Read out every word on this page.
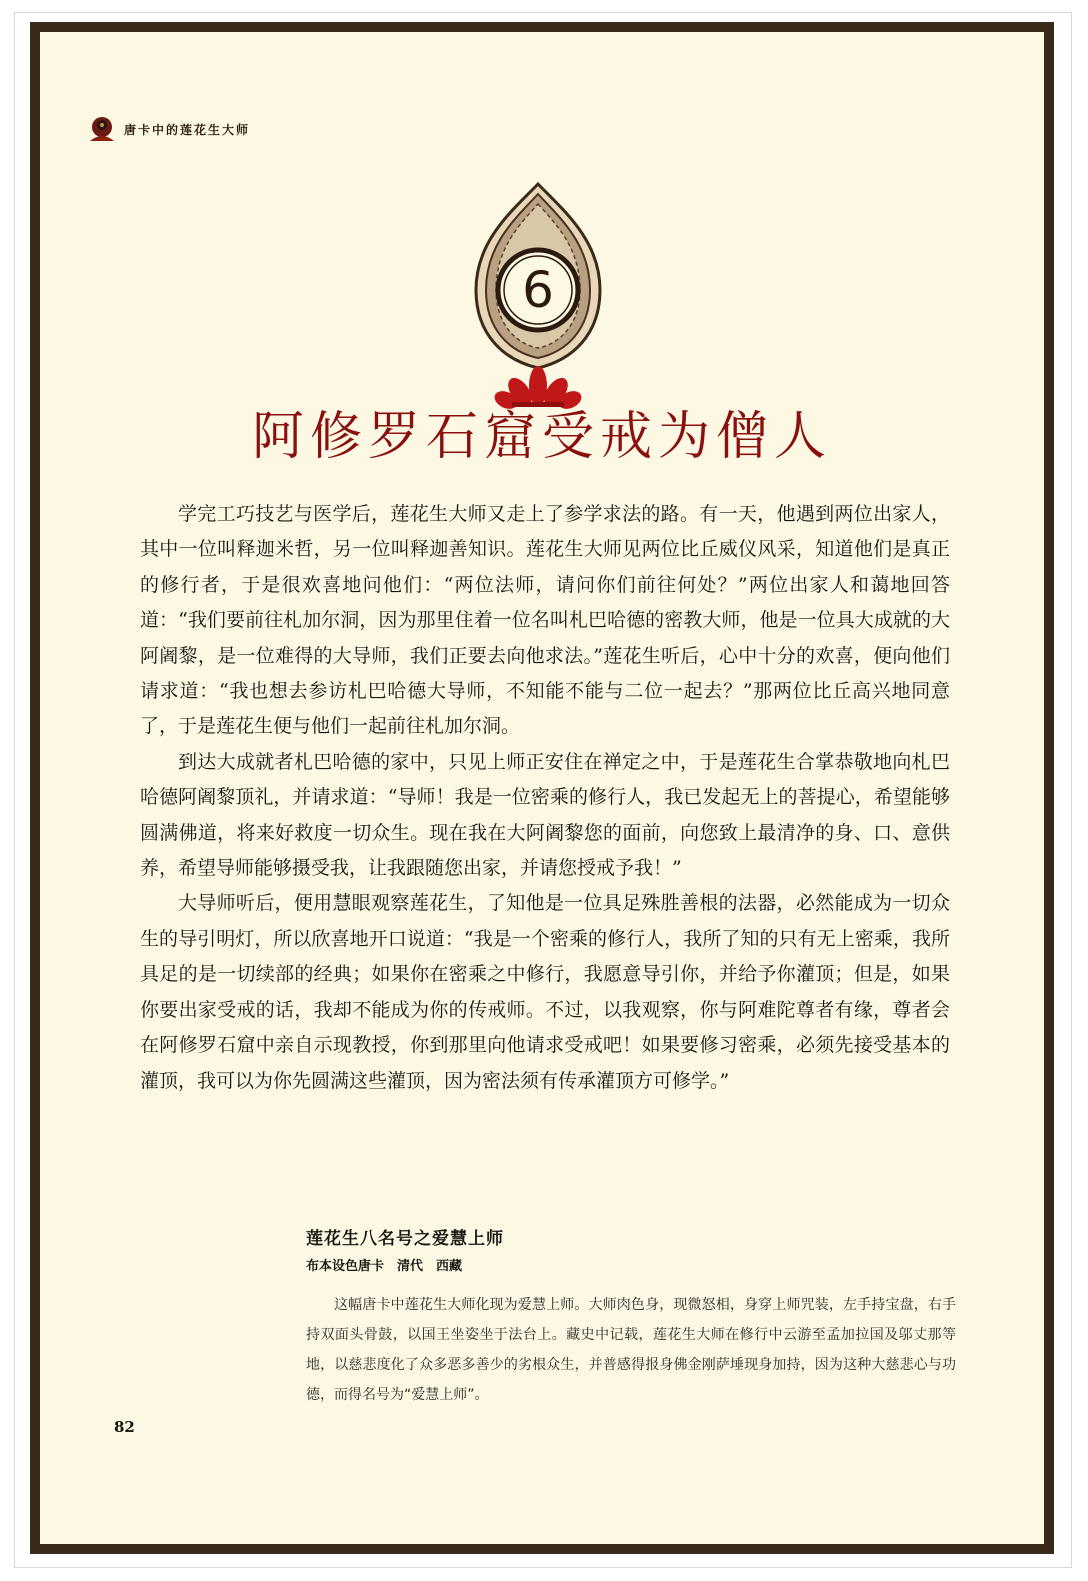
唐卡中的莲花生大师
6
阿修罗石窟受戒为僧人

学完工巧技艺与医学后，莲花生大师又走上了参学求法的路。有一天，他遇到两位出家人，其中一位叫释迦米哲，另一位叫释迦善知识。莲花生大师见两位比丘威仪风采，知道他们是真正的修行者，于是很欢喜地问他们：“两位法师，请问你们前往何处？”两位出家人和蔼地回答道：“我们要前往札加尔洞，因为那里住着一位名叫札巴哈德的密教大师，他是一位具大成就的大阿阇黎，是一位难得的大导师，我们正要去向他求法。”莲花生听后，心中十分的欢喜，便向他们请求道：“我也想去参访札巴哈德大导师，不知能不能与二位一起去？”那两位比丘高兴地同意了，于是莲花生便与他们一起前往札加尔洞。

到达大成就者札巴哈德的家中，只见上师正安住在禅定之中，于是莲花生合掌恭敬地向札巴哈德阿阇黎顶礼，并请求道：“导师！我是一位密乘的修行人，我已发起无上的菩提心，希望能够圆满佛道，将来好救度一切众生。现在我在大阿阇黎您的面前，向您致上最清净的身、口、意供养，希望导师能够摄受我，让我跟随您出家，并请您授戒予我！”

大导师听后，便用慧眼观察莲花生，了知他是一位具足殊胜善根的法器，必然能成为一切众生的导引明灯，所以欣喜地开口说道：“我是一个密乘的修行人，我所了知的只有无上密乘，我所具足的是一切续部的经典；如果你在密乘之中修行，我愿意导引你，并给予你灌顶；但是，如果你要出家受戒的话，我却不能成为你的传戒师。不过，以我观察，你与阿难陀尊者有缘，尊者会在阿修罗石窟中亲自示现教授，你到那里向他请求受戒吧！如果要修习密乘，必须先接受基本的灌顶，我可以为你先圆满这些灌顶，因为密法须有传承灌顶方可修学。”

莲花生八名号之爱慧上师
布本设色唐卡　清代　西藏
这幅唐卡中莲花生大师化现为爱慧上师。大师肉色身，现微怒相，身穿上师咒装，左手持宝盘，右手持双面头骨鼓，以国王坐姿坐于法台上。藏史中记载，莲花生大师在修行中云游至孟加拉国及邬丈那等地，以慈悲度化了众多恶多善少的劣根众生，并普感得报身佛金刚萨埵现身加持，因为这种大慈悲心与功德，而得名号为“爱慧上师”。
82
